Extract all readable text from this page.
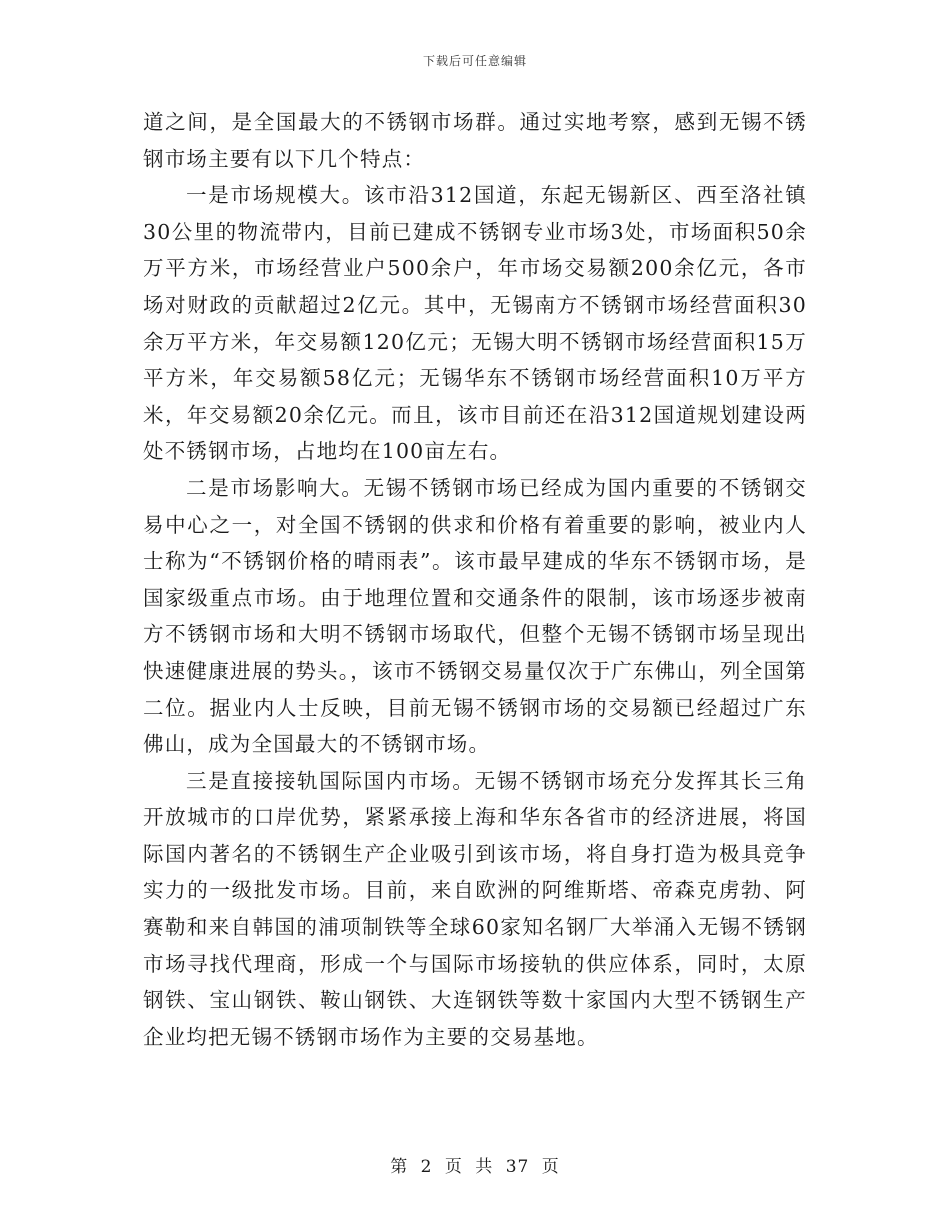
下载后可任意编辑

道之间，是全国最大的不锈钢市场群。通过实地考察，感到无锡不锈钢市场主要有以下几个特点：

一是市场规模大。该市沿312国道，东起无锡新区、西至洛社镇30公里的物流带内，目前已建成不锈钢专业市场3处，市场面积50余万平方米，市场经营业户500余户，年市场交易额200余亿元，各市场对财政的贡献超过2亿元。其中，无锡南方不锈钢市场经营面积30余万平方米，年交易额120亿元；无锡大明不锈钢市场经营面积15万平方米，年交易额58亿元；无锡华东不锈钢市场经营面积10万平方米，年交易额20余亿元。而且，该市目前还在沿312国道规划建设两处不锈钢市场，占地均在100亩左右。

二是市场影响大。无锡不锈钢市场已经成为国内重要的不锈钢交易中心之一，对全国不锈钢的供求和价格有着重要的影响，被业内人士称为“不锈钢价格的晴雨表”。该市最早建成的华东不锈钢市场，是国家级重点市场。由于地理位置和交通条件的限制，该市场逐步被南方不锈钢市场和大明不锈钢市场取代，但整个无锡不锈钢市场呈现出快速健康进展的势头。，该市不锈钢交易量仅次于广东佛山，列全国第二位。据业内人士反映，目前无锡不锈钢市场的交易额已经超过广东佛山，成为全国最大的不锈钢市场。

三是直接接轨国际国内市场。无锡不锈钢市场充分发挥其长三角开放城市的口岸优势，紧紧承接上海和华东各省市的经济进展，将国际国内著名的不锈钢生产企业吸引到该市场，将自身打造为极具竞争实力的一级批发市场。目前，来自欧洲的阿维斯塔、帝森克虏勃、阿赛勒和来自韩国的浦项制铁等全球60家知名钢厂大举涌入无锡不锈钢市场寻找代理商，形成一个与国际市场接轨的供应体系，同时，太原钢铁、宝山钢铁、鞍山钢铁、大连钢铁等数十家国内大型不锈钢生产企业均把无锡不锈钢市场作为主要的交易基地。

第 2 页 共 37 页
